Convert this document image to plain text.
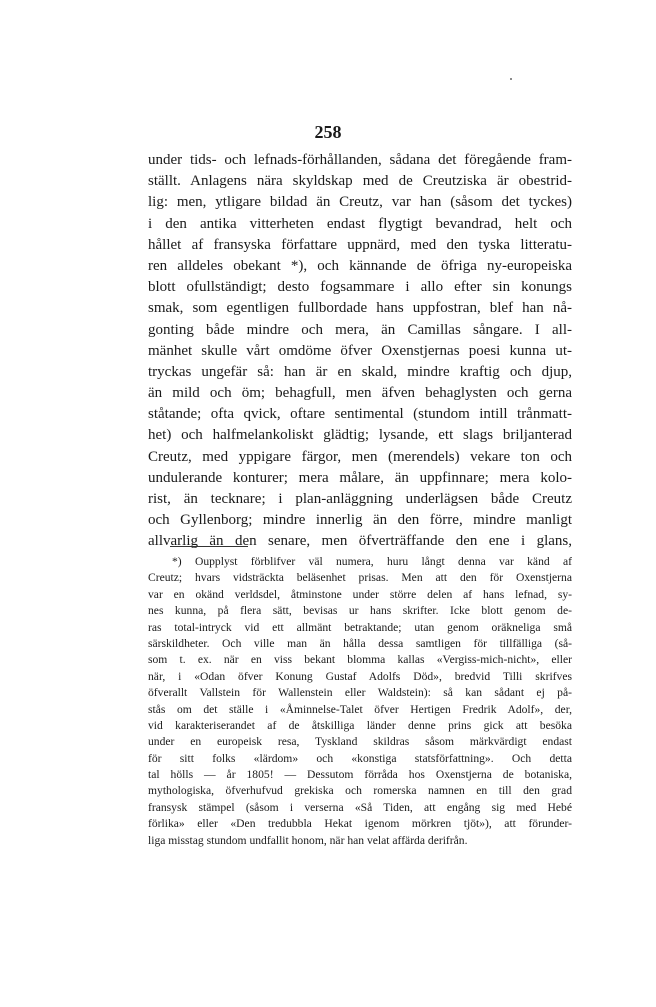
258
under tids- och lefnads-förhållanden, sådana det föregående fram-
ställt. Anlagens nära skyldskap med de Creutziska är obestrid-
lig: men, ytligare bildad än Creutz, var han (såsom det tyckes)
i den antika vitterheten endast flygtigt bevandrad, helt och
hållet af fransyska författare uppnärd, med den tyska litteratu-
ren alldeles obekant *), och kännande de öfriga ny-europeiska
blott ofullständigt; desto fogsammare i allo efter sin konungs
smak, som egentligen fullbordade hans uppfostran, blef han nå-
gonting både mindre och mera, än Camillas sångare. I all-
mänhet skulle vårt omdöme öfver Oxenstjernas poesi kunna ut-
tryckas ungefär så: han är en skald, mindre kraftig och djup,
än mild och öm; behagfull, men äfven behaglysten och gerna
ståtande; ofta qvick, oftare sentimental (stundom intill trånmatt-
het) och halfmelankoliskt glädtig; lysande, ett slags briljanterad
Creutz, med yppigare färgor, men (merendels) vekare ton och
undulerande konturer; mera målare, än uppfinnare; mera kolo-
rist, än tecknare; i plan-anläggning underlägsen både Creutz
och Gyllenborg; mindre innerlig än den förre, mindre manligt
allvarlig än den senare, men öfverträffande den ene i glans,
*) Oupplyst förblifver väl numera, huru långt denna var känd af
Creutz; hvars vidsträckta beläsenhet prisas. Men att den för Oxenstjerna
var en okänd verldsdel, åtminstone under större delen af hans lefnad, sy-
nes kunna, på flera sätt, bevisas ur hans skrifter. Icke blott genom de-
ras total-intryck vid ett allmänt betraktande; utan genom oräkneliga små
särskildheter. Och ville man än hålla dessa samtligen för tillfälliga (så-
som t. ex. när en viss bekant blomma kallas «Vergiss-mich-nicht», eller
när, i «Odan öfver Konung Gustaf Adolfs Död», bredvid Tilli skrifves
öfverallt Vallstein för Wallenstein eller Waldstein): så kan sådant ej på-
stås om det ställe i «Åminnelse-Talet öfver Hertigen Fredrik Adolf», der,
vid karakteriserandet af de åtskilliga länder denne prins gick att besöka
under en europeisk resa, Tyskland skildras såsom märkvärdigt endast
för sitt folks «lärdom» och «konstiga statsförfattning». Och detta
tal hölls — år 1805! — Dessutom förråda hos Oxenstjerna de botaniska,
mythologiska, öfverhufvud grekiska och romerska namnen en till den grad
fransysk stämpel (såsom i verserna «Så Tiden, att engång sig med Hebé
förlika» eller «Den tredubbla Hekat igenom mörkren tjöt»), att förunder-
liga misstag stundom undfallit honom, när han velat affärda derifrån.
